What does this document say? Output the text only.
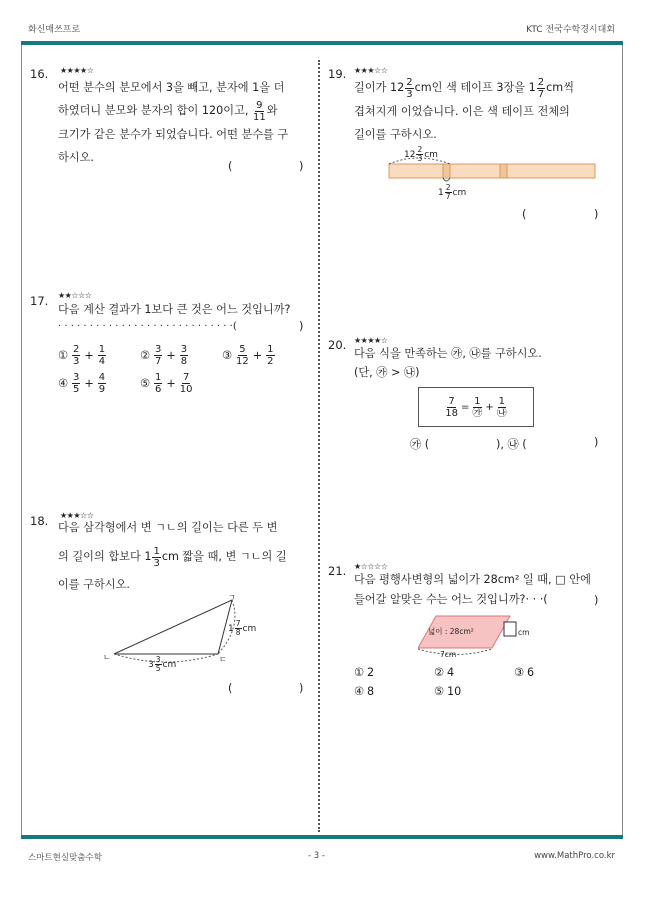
화신매쓰프로	KTC 전국수학경시대회
16. ★★★★☆
어떤 분수의 분모에서 3을 빼고, 분자에 1을 더
하였더니 분모와 분자의 합이 120이고, $\frac{9}{11}$ 와
크기가 같은 분수가 되었습니다. 어떤 분수를 구
하시오.
(	)
17. ★★☆☆☆
다음 계산 결과가 1보다 큰 것은 어느 것입니까?
· · · · · · · · · · · · · · · · · · · · · · · · · · · ·(	)
① $\frac{2}{3} + \frac{1}{4}$	② $\frac{3}{7} + \frac{3}{8}$	③ $\frac{5}{12} + \frac{1}{2}$
④ $\frac{3}{5} + \frac{4}{9}$	⑤ $\frac{1}{6} + \frac{7}{10}$
18. ★★★☆☆
다음 삼각형에서 변 ㄱㄴ의 길이는 다른 두 변
의 길이의 합보다 $1 \frac{1}{3}$ cm 짧을 때, 변 ㄱㄴ의 길
이를 구하시오.
ㄱ
ㄴ	ㄷ
1 7
8 cm
3 3
5 cm
(	)
19. ★★★☆☆
길이가 $12 \frac{2}{3}$ cm인 색 테이프 3장을 $1 \frac{2}{7}$ cm씩
겹쳐지게 이었습니다. 이은 색 테이프 전체의
길이를 구하시오.
12 2
3 cm
1 2
7 cm
(	)
20. ★★★★☆
다음 식을 만족하는 ㉮, ㉯를 구하시오.
(단, ㉮ > ㉯)
$\frac{7}{18} = \frac{1}{㉮} + \frac{1}{㉯}$
㉮ (	), ㉯ (	)
21. ★☆☆☆☆
다음 평행사변형의 넓이가 28cm² 일 때, □ 안에
들어갈 알맞은 수는 어느 것입니까?· · ·(	)
넓이 : 28cm²
7cm
cm
① 2	② 4	③ 6
④ 8	⑤ 10
스마트현실맞춤수학	- 3 -	www.MathPro.co.kr
